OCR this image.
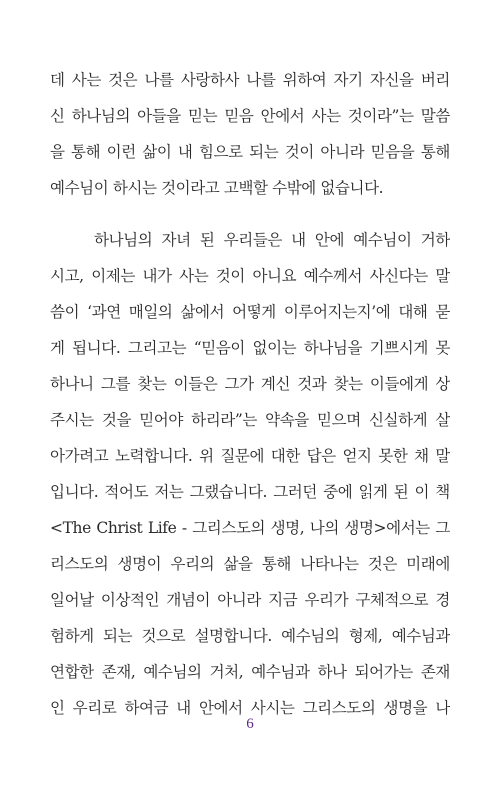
데 사는 것은 나를 사랑하사 나를 위하여 자기 자신을 버리
신 하나님의 아들을 믿는 믿음 안에서 사는 것이라”는 말씀
을 통해 이런 삶이 내 힘으로 되는 것이 아니라 믿음을 통해
예수님이 하시는 것이라고 고백할 수밖에 없습니다.
하나님의 자녀 된 우리들은 내 안에 예수님이 거하
시고, 이제는 내가 사는 것이 아니요 예수께서 사신다는 말
씀이 ‘과연 매일의 삶에서 어떻게 이루어지는지’에 대해 묻
게 됩니다. 그리고는 “믿음이 없이는 하나님을 기쁘시게 못
하나니 그를 찾는 이들은 그가 계신 것과 찾는 이들에게 상
주시는 것을 믿어야 하리라”는 약속을 믿으며 신실하게 살
아가려고 노력합니다. 위 질문에 대한 답은 얻지 못한 채 말
입니다. 적어도 저는 그랬습니다. 그러던 중에 읽게 된 이 책
<The Christ Life - 그리스도의 생명, 나의 생명>에서는 그
리스도의 생명이 우리의 삶을 통해 나타나는 것은 미래에
일어날 이상적인 개념이 아니라 지금 우리가 구체적으로 경
험하게 되는 것으로 설명합니다. 예수님의 형제, 예수님과
연합한 존재, 예수님의 거처, 예수님과 하나 되어가는 존재
인 우리로 하여금 내 안에서 사시는 그리스도의 생명을 나
6
